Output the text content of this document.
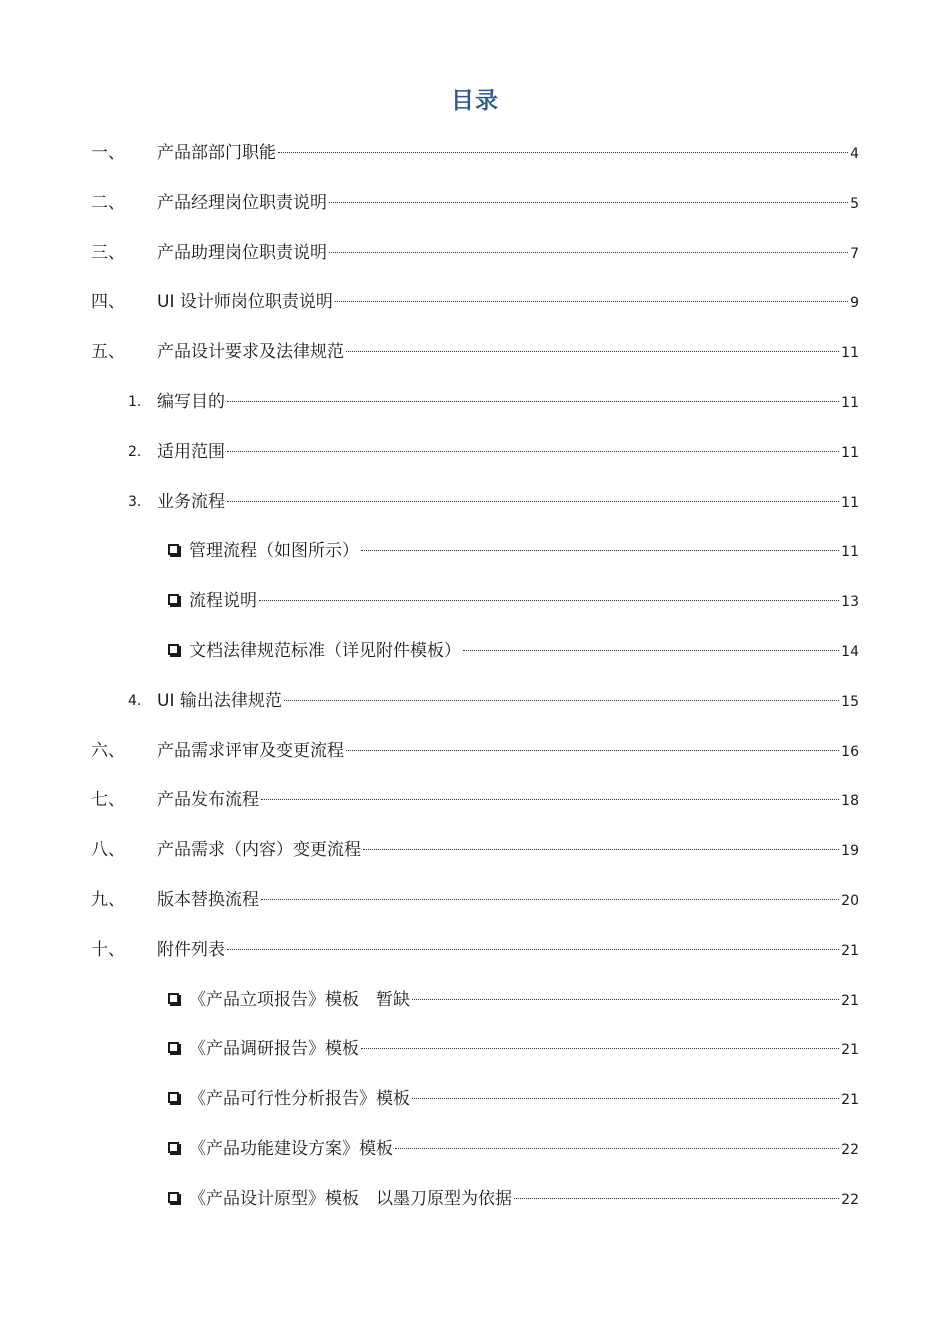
目录
一、 产品部部门职能	4
二、 产品经理岗位职责说明	5
三、 产品助理岗位职责说明	7
四、 UI 设计师岗位职责说明	9
五、 产品设计要求及法律规范	11
1. 编写目的	11
2. 适用范围	11
3. 业务流程	11
管理流程（如图所示）	11
流程说明	13
文档法律规范标准（详见附件模板）	14
4. UI 输出法律规范	15
六、 产品需求评审及变更流程	16
七、 产品发布流程	18
八、 产品需求（内容）变更流程	19
九、 版本替换流程	20
十、 附件列表	21
《产品立项报告》模板　暂缺	21
《产品调研报告》模板	21
《产品可行性分析报告》模板	21
《产品功能建设方案》模板	22
《产品设计原型》模板　以墨刀原型为依据	22
